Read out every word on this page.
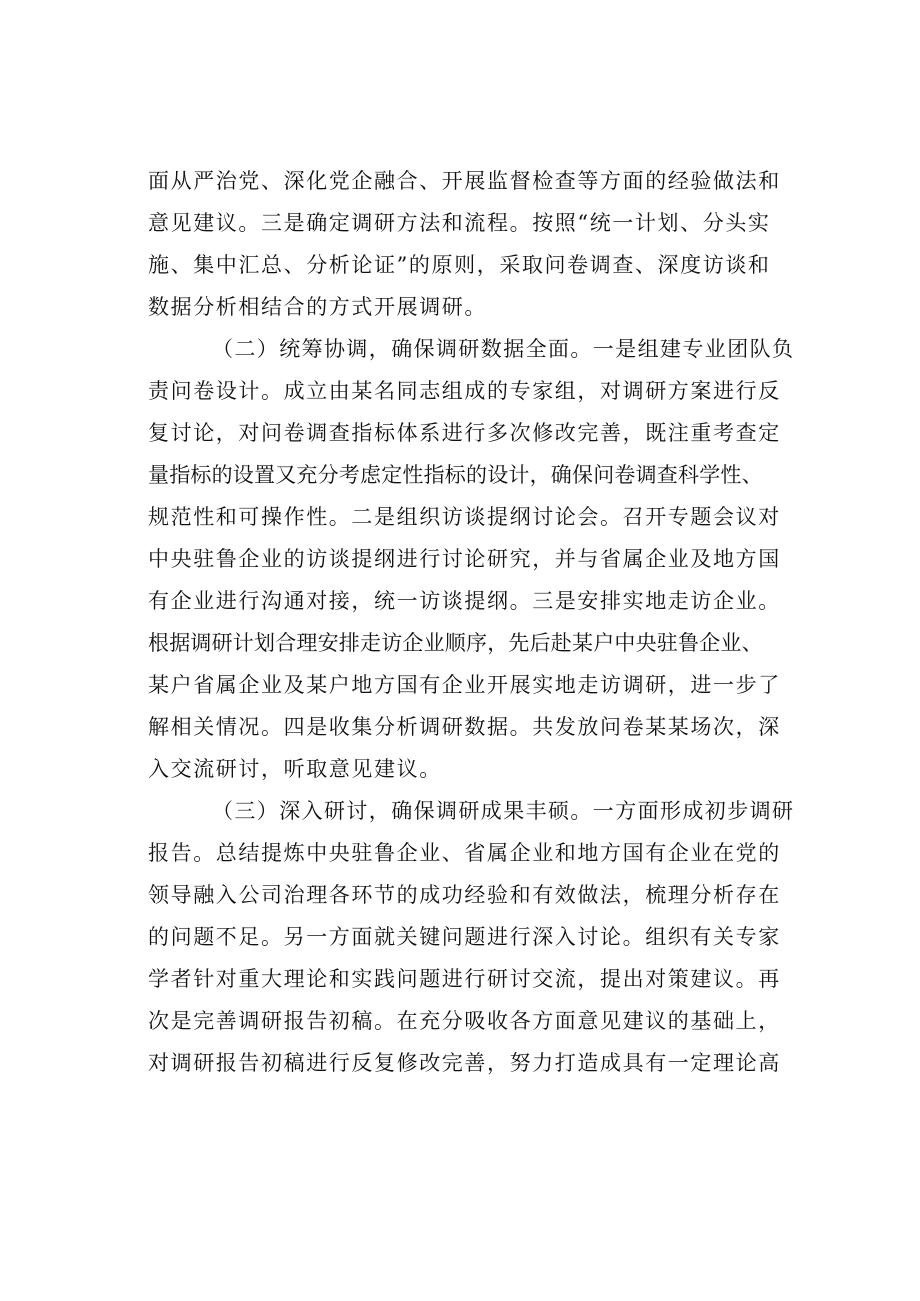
面从严治党、深化党企融合、开展监督检查等方面的经验做法和
意见建议。三是确定调研方法和流程。按照“统一计划、分头实
施、集中汇总、分析论证”的原则，采取问卷调查、深度访谈和
数据分析相结合的方式开展调研。
（二）统筹协调，确保调研数据全面。一是组建专业团队负
责问卷设计。成立由某名同志组成的专家组，对调研方案进行反
复讨论，对问卷调查指标体系进行多次修改完善，既注重考查定
量指标的设置又充分考虑定性指标的设计，确保问卷调查科学性、
规范性和可操作性。二是组织访谈提纲讨论会。召开专题会议对
中央驻鲁企业的访谈提纲进行讨论研究，并与省属企业及地方国
有企业进行沟通对接，统一访谈提纲。三是安排实地走访企业。
根据调研计划合理安排走访企业顺序，先后赴某户中央驻鲁企业、
某户省属企业及某户地方国有企业开展实地走访调研，进一步了
解相关情况。四是收集分析调研数据。共发放问卷某某场次，深
入交流研讨，听取意见建议。
（三）深入研讨，确保调研成果丰硕。一方面形成初步调研
报告。总结提炼中央驻鲁企业、省属企业和地方国有企业在党的
领导融入公司治理各环节的成功经验和有效做法，梳理分析存在
的问题不足。另一方面就关键问题进行深入讨论。组织有关专家
学者针对重大理论和实践问题进行研讨交流，提出对策建议。再
次是完善调研报告初稿。在充分吸收各方面意见建议的基础上，
对调研报告初稿进行反复修改完善，努力打造成具有一定理论高
